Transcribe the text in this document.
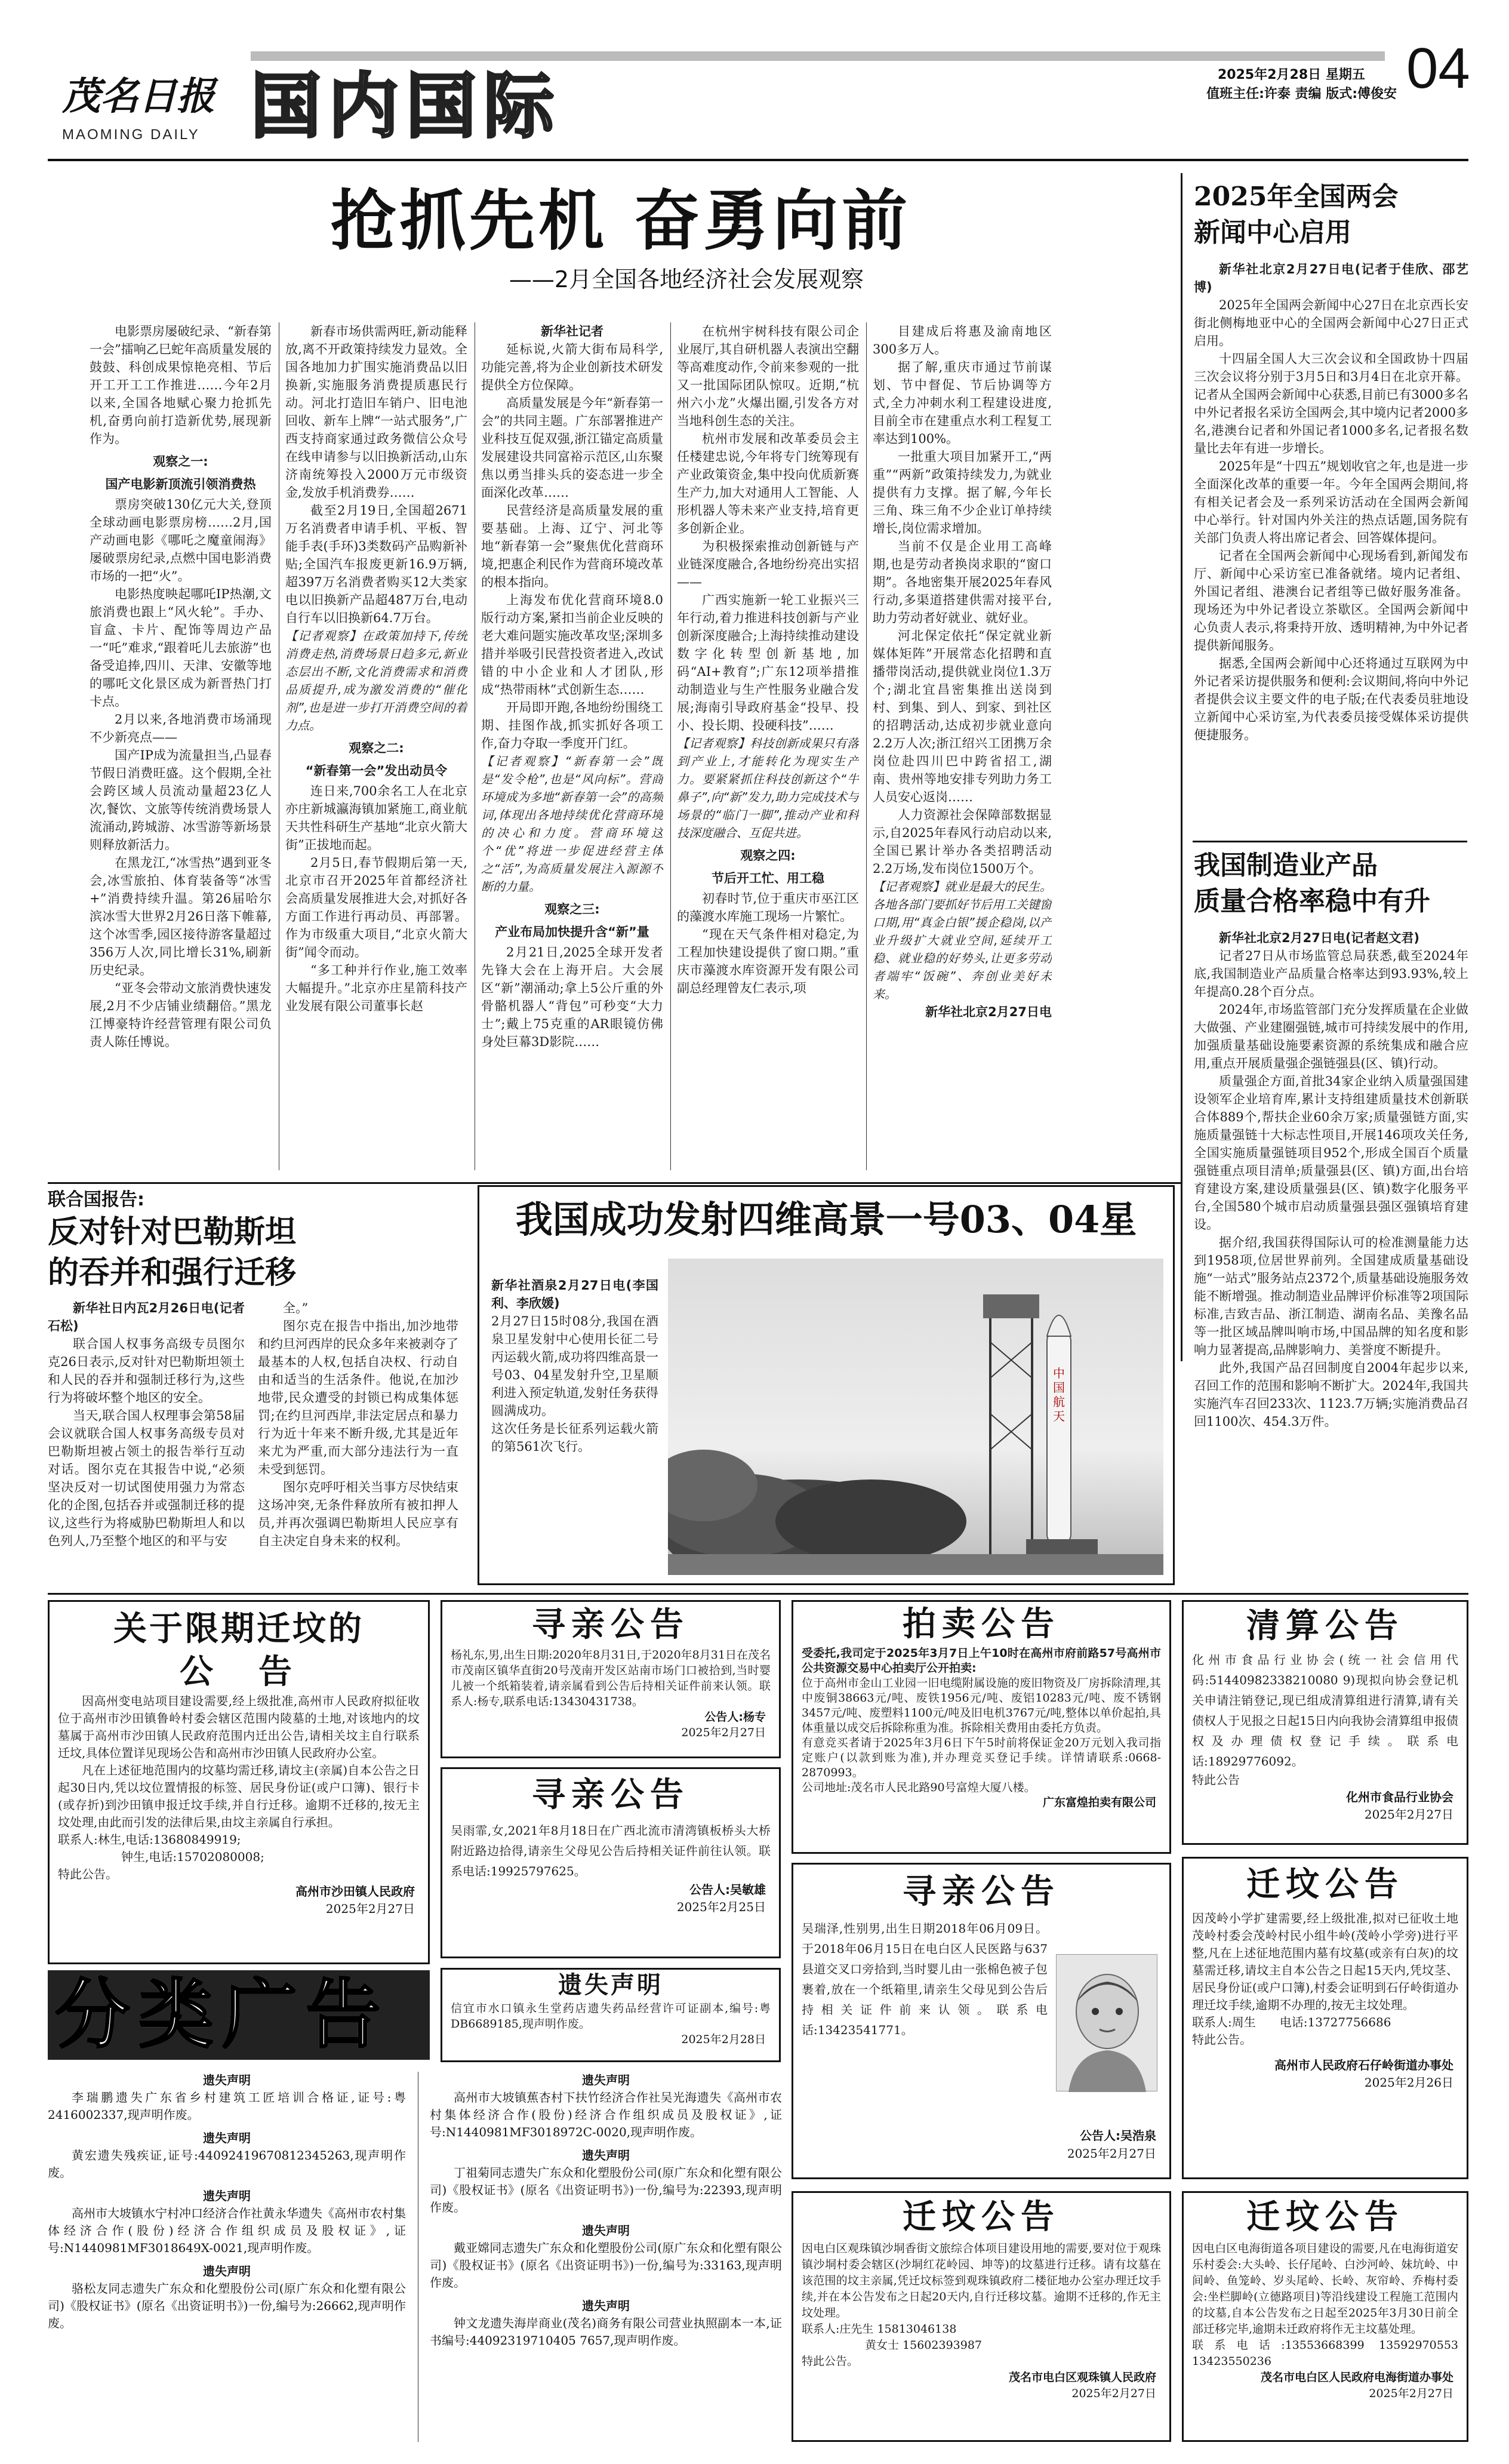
茂名日报
MAOMING DAILY 国内国际	2025年2月28日 星期五
值班主任:许泰 责编 版式:傅俊安 04
抢抓先机 奋勇向前
——2月全国各地经济社会发展观察

电影票房屡破纪录、“新春第一会”擂响乙巳蛇年高质量发展的鼓鼓、科创成果惊艳亮相、节后开工开工工作推进……今年2月以来,全国各地赋心聚力抢抓先机,奋勇向前打造新优势,展现新作为。

观察之一:

国产电影新顶流引领消费热

票房突破130亿元大关,登顶全球动画电影票房榜……2月,国产动画电影《哪吒之魔童闹海》屡破票房纪录,点燃中国电影消费市场的一把“火”。

电影热度映起哪吒IP热潮,文旅消费也跟上“风火轮”。手办、盲盒、卡片、配饰等周边产品一“吒”难求,“跟着吒儿去旅游”也备受追捧,四川、天津、安徽等地的哪吒文化景区成为新晋热门打卡点。

2月以来,各地消费市场涌现不少新亮点——

国产IP成为流量担当,凸显春节假日消费旺盛。这个假期,全社会跨区域人员流动量超23亿人次,餐饮、文旅等传统消费场景人流涌动,跨城游、冰雪游等新场景则释放新活力。

在黑龙江,“冰雪热”遇到亚冬会,冰雪旅拍、体育装备等“冰雪+”消费持续升温。第26届哈尔滨冰雪大世界2月26日落下帷幕,这个冰雪季,园区接待游客量超过356万人次,同比增长31%,刷新历史纪录。

“亚冬会带动文旅消费快速发展,2月不少店铺业绩翻倍。”黑龙江博豪特许经营管理有限公司负责人陈任博说。

新春市场供需两旺,新动能释放,离不开政策持续发力显效。全国各地加力扩围实施消费品以旧换新,实施服务消费提质惠民行动。河北打造旧车销户、旧电池回收、新车上牌“一站式服务”,广西支持商家通过政务微信公众号在线申请参与以旧换新活动,山东济南统筹投入2000万元市级资金,发放手机消费券……

截至2月19日,全国超2671万名消费者申请手机、平板、智能手表(手环)3类数码产品购新补贴;全国汽车报废更新16.9万辆,超397万名消费者购买12大类家电以旧换新产品超487万台,电动自行车以旧换新64.7万台。

【记者观察】在政策加持下,传统消费走热,消费场景日趋多元,新业态层出不断,文化消费需求和消费品质提升,成为激发消费的“催化剂”,也是进一步打开消费空间的着力点。

观察之二:

“新春第一会”发出动员令

连日来,700余名工人在北京亦庄新城瀛海镇加紧施工,商业航天共性科研生产基地“北京火箭大街”正拔地而起。

2月5日,春节假期后第一天,北京市召开2025年首都经济社会高质量发展推进大会,对抓好各方面工作进行再动员、再部署。作为市级重大项目,“北京火箭大街”闻令而动。

“多工种并行作业,施工效率大幅提升。”北京亦庄星箭科技产业发展有限公司董事长赵

新华社记者

延标说,火箭大街布局科学,功能完善,将为企业创新技术研发提供全方位保障。

高质量发展是今年“新春第一会”的共同主题。广东部署推进产业科技互促双强,浙江锚定高质量发展建设共同富裕示范区,山东聚焦以勇当排头兵的姿态进一步全面深化改革……

民营经济是高质量发展的重要基础。上海、辽宁、河北等地“新春第一会”聚焦优化营商环境,把惠企利民作为营商环境改革的根本指向。

上海发布优化营商环境8.0版行动方案,紧扣当前企业反映的老大难问题实施改革攻坚;深圳多措并举吸引民营投资者进入,改试错的中小企业和人才团队,形成“热带雨林”式创新生态……

开局即开跑,各地纷纷围绕工期、挂图作战,抓实抓好各项工作,奋力夺取一季度开门红。

【记者观察】“新春第一会”既是“发令枪”,也是“风向标”。营商环境成为多地“新春第一会”的高频词,体现出各地持续优化营商环境的决心和力度。营商环境这个“优”将进一步促进经营主体之“活”,为高质量发展注入源源不断的力量。

观察之三:

产业布局加快提升含“新”量

2月21日,2025全球开发者先锋大会在上海开启。大会展区“新”潮涌动;拿上5公斤重的外骨骼机器人“背包”可秒变“大力士”;戴上75克重的AR眼镜仿佛身处巨幕3D影院……

在杭州宇树科技有限公司企业展厅,其自研机器人表演出空翻等高难度动作,令前来参观的一批又一批国际团队惊叹。近期,“杭州六小龙”火爆出圈,引发各方对当地科创生态的关注。

杭州市发展和改革委员会主任楼建忠说,今年将专门统筹现有产业政策资金,集中投向优质新赛生产力,加大对通用人工智能、人形机器人等未来产业支持,培育更多创新企业。

为积极探索推动创新链与产业链深度融合,各地纷纷亮出实招——

广西实施新一轮工业振兴三年行动,着力推进科技创新与产业创新深度融合;上海持续推动建设数字化转型创新基地,加码“AI+教育”;广东12项举措推动制造业与生产性服务业融合发展;海南引导政府基金“投早、投小、投长期、投硬科技”……

【记者观察】科技创新成果只有落到产业上,才能转化为现实生产力。要紧紧抓住科技创新这个“牛鼻子”,向“新”发力,助力完成技术与场景的“临门一脚”,推动产业和科技深度融合、互促共进。

观察之四:

节后开工忙、用工稳

初春时节,位于重庆市巫江区的藻渡水库施工现场一片繁忙。

“现在天气条件相对稳定,为工程加快建设提供了窗口期。”重庆市藻渡水库资源开发有限公司副总经理曾友仁表示,项

目建成后将惠及渝南地区300多万人。

据了解,重庆市通过节前谋划、节中督促、节后协调等方式,全力冲刺水利工程建设进度,目前全市在建重点水利工程复工率达到100%。

一批重大项目加紧开工,“两重”“两新”政策持续发力,为就业提供有力支撑。据了解,今年长三角、珠三角不少企业订单持续增长,岗位需求增加。

当前不仅是企业用工高峰期,也是劳动者换岗求职的“窗口期”。各地密集开展2025年春风行动,多渠道搭建供需对接平台,助力劳动者好就业、就好业。

河北保定依托“保定就业新媒体矩阵”开展常态化招聘和直播带岗活动,提供就业岗位1.3万个;湖北宜昌密集推出送岗到村、到集、到人、到家、到社区的招聘活动,达成初步就业意向2.2万人次;浙江绍兴工团携万余岗位赴四川巴中跨省招工,湖南、贵州等地安排专列助力务工人员安心返岗……

人力资源社会保障部数据显示,自2025年春风行动启动以来,全国已累计举办各类招聘活动2.2万场,发布岗位1500万个。

【记者观察】就业是最大的民生。各地各部门要抓好节后用工关键窗口期,用“真金白银”援企稳岗,以产业升级扩大就业空间,延续开工稳、就业稳的好势头,让更多劳动者端牢“饭碗”、奔创业美好未来。

新华社北京2月27日电

2025年全国两会
新闻中心启用

新华社北京2月27日电(记者于佳欣、邵艺博)

2025年全国两会新闻中心27日在北京西长安街北侧梅地亚中心的全国两会新闻中心27日正式启用。

十四届全国人大三次会议和全国政协十四届三次会议将分别于3月5日和3月4日在北京开幕。记者从全国两会新闻中心获悉,目前已有3000多名中外记者报名采访全国两会,其中境内记者2000多名,港澳台记者和外国记者1000多名,记者报名数量比去年有进一步增长。

2025年是“十四五”规划收官之年,也是进一步全面深化改革的重要一年。今年全国两会期间,将有相关记者会及一系列采访活动在全国两会新闻中心举行。针对国内外关注的热点话题,国务院有关部门负责人将出席记者会、回答媒体提问。

记者在全国两会新闻中心现场看到,新闻发布厅、新闻中心采访室已准备就绪。境内记者组、外国记者组、港澳台记者组等已做好服务准备。现场还为中外记者设立茶歇区。全国两会新闻中心负责人表示,将秉持开放、透明精神,为中外记者提供新闻服务。

据悉,全国两会新闻中心还将通过互联网为中外记者采访提供服务和便利:会议期间,将向中外记者提供会议主要文件的电子版;在代表委员驻地设立新闻中心采访室,为代表委员接受媒体采访提供便捷服务。

我国制造业产品
质量合格率稳中有升

新华社北京2月27日电(记者赵文君)

记者27日从市场监管总局获悉,截至2024年底,我国制造业产品质量合格率达到93.93%,较上年提高0.28个百分点。

2024年,市场监管部门充分发挥质量在企业做大做强、产业建圈强链,城市可持续发展中的作用,加强质量基础设施要素资源的系统集成和融合应用,重点开展质量强企强链强县(区、镇)行动。

质量强企方面,首批34家企业纳入质量强国建设领军企业培育库,累计支持组建质量技术创新联合体889个,帮扶企业60余万家;质量强链方面,实施质量强链十大标志性项目,开展146项攻关任务,全国实施质量强链项目952个,形成全国百个质量强链重点项目清单;质量强县(区、镇)方面,出台培育建设方案,建设质量强县(区、镇)数字化服务平台,全国580个城市启动质量强县强区强镇培育建设。

据介绍,我国获得国际认可的检准测量能力达到1958项,位居世界前列。全国建成质量基础设施“一站式”服务站点2372个,质量基础设施服务效能不断增强。推动制造业品牌评价标准等2项国际标准,吉致吉品、浙江制造、湖南名品、美豫名品等一批区域品牌叫响市场,中国品牌的知名度和影响力显著提高,品牌影响力、美誉度不断提升。

此外,我国产品召回制度自2004年起步以来,召回工作的范围和影响不断扩大。2024年,我国共实施汽车召回233次、1123.7万辆;实施消费品召回1100次、454.3万件。

联合国报告:
反对针对巴勒斯坦
的吞并和强行迁移

新华社日内瓦2月26日电(记者石松)

联合国人权事务高级专员图尔克26日表示,反对针对巴勒斯坦领土和人民的吞并和强制迁移行为,这些行为将破坏整个地区的安全。

当天,联合国人权理事会第58届会议就联合国人权事务高级专员对巴勒斯坦被占领土的报告举行互动对话。图尔克在其报告中说,“必须坚决反对一切试图使用强力为常态化的企图,包括吞并或强制迁移的提议,这些行为将威胁巴勒斯坦人和以色列人,乃至整个地区的和平与安

全。”

图尔克在报告中指出,加沙地带和约旦河西岸的民众多年来被剥夺了最基本的人权,包括自决权、行动自由和适当的生活条件。他说,在加沙地带,民众遭受的封锁已构成集体惩罚;在约旦河西岸,非法定居点和暴力行为近十年来不断升级,尤其是近年来尤为严重,而大部分违法行为一直未受到惩罚。

图尔克呼吁相关当事方尽快结束这场冲突,无条件释放所有被扣押人员,并再次强调巴勒斯坦人民应享有自主决定自身未来的权利。

我国成功发射四维高景一号03、04星

新华社酒泉2月27日电(李国利、李欣媛)

2月27日15时08分,我国在酒泉卫星发射中心使用长征二号丙运载火箭,成功将四维高景一号03、04星发射升空,卫星顺利进入预定轨道,发射任务获得圆满成功。

这次任务是长征系列运载火箭的第561次飞行。

中国航天
关于限期迁坟的
公　告

因高州变电站项目建设需要,经上级批准,高州市人民政府拟征收位于高州市沙田镇鲁岭村委会辖区范围内陵墓的土地,对该地内的坟墓属于高州市沙田镇人民政府范围内迁出公告,请相关坟主自行联系迁坟,具体位置详见现场公告和高州市沙田镇人民政府办公室。

凡在上述征地范围内的坟墓均需迁移,请坟主(亲属)自本公告之日起30日内,凭以坟位置情报的标签、居民身份证(或户口簿)、银行卡(或存折)到沙田镇申报迁坟手续,并自行迁移。逾期不迁移的,按无主坟处理,由此而引发的法律后果,由坟主亲属自行承担。

联系人:林生,电话:13680849919;
钟生,电话:15702080008;
特此公告。
高州市沙田镇人民政府
2025年2月27日
寻亲公告
杨礼东,男,出生日期:2020年8月31日,于2020年8月31日在茂名市茂南区镇华直街20号茂南开发区站南市场门口被拾到,当时婴儿被一个纸箱装着,请亲属看到公告后持相关证件前来认领。联系人:杨专,联系电话:13430431738。
公告人:杨专
2025年2月27日
寻亲公告
吴雨霏,女,2021年8月18日在广西北流市清湾镇板桥头大桥附近路边拾得,请亲生父母见公告后持相关证件前往认领。联系电话:19925797625。
公告人:吴敏雄
2025年2月25日
拍卖公告
受委托,我司定于2025年3月7日上午10时在高州市府前路57号高州市公共资源交易中心拍卖厅公开拍卖:
位于高州市金山工业园一旧电缆附属设施的废旧物资及厂房拆除清理,其中废铜38663元/吨、废铁1956元/吨、废铝10283元/吨、废不锈钢3457元/吨、废塑料1100元/吨及旧电机3767元/吨,整体以单价起拍,具体重量以成交后拆除称重为准。拆除相关费用由委托方负责。
有意竞买者请于2025年3月6日下午5时前将保证金20万元划入我司指定账户(以款到账为准),并办理竞买登记手续。详情请联系:0668-2870993。
公司地址:茂名市人民北路90号富煌大厦八楼。
广东富煌拍卖有限公司
清算公告
化州市食品行业协会(统一社会信用代码:51440982338210080 9)现拟向协会登记机关申请注销登记,现已组成清算组进行清算,请有关债权人于见报之日起15日内向我协会清算组申报债权及办理债权登记手续。联系电话:18929776092。
特此公告
化州市食品行业协会
2025年2月27日
寻亲公告
吴瑞泽,性别男,出生日期2018年06月09日。于2018年06月15日在电白区人民医路与637县道交叉口旁拾到,当时婴儿由一张棉色被子包裹着,放在一个纸箱里,请亲生父母见到公告后持相关证件前来认领。联系电话:13423541771。
公告人:吴浩泉
2025年2月27日
迁坟公告
因茂岭小学扩建需要,经上级批准,拟对已征收土地茂岭村委会茂岭村民小组牛岭(茂岭小学旁)进行平整,凡在上述征地范围内墓有坟墓(或亲有白灰)的坟墓需迁移,请坟主自本公告之日起15天内,凭坟茎、居民身份证(或户口簿),村委会证明到石仔岭街道办理迁坟手续,逾期不办理的,按无主坟处理。
联系人:周生　　电话:13727756686
特此公告。
高州市人民政府石仔岭街道办事处
2025年2月26日
分类广告	遗失声明
信宜市水口镇永生堂药店遗失药品经营许可证副本,编号:粤DB6689185,现声明作废。
2025年2月28日
遗失声明
李瑞鹏遗失广东省乡村建筑工匠培训合格证,证号:粤2416002337,现声明作废。
遗失声明
黄宏遗失残疾证,证号:44092419670812345263,现声明作废。
遗失声明
高州市大坡镇水宁村冲口经济合作社黄永华遗失《高州市农村集体经济合作(股份)经济合作组织成员及股权证》,证号:N1440981MF3018649X-0021,现声明作废。
遗失声明
骆松友同志遗失广东众和化塑股份公司(原广东众和化塑有限公司)《股权证书》(原名《出资证明书》)一份,编号为:26662,现声明作废。
遗失声明
高州市大坡镇蕉杏村下扶竹经济合作社吴光海遗失《高州市农村集体经济合作(股份)经济合作组织成员及股权证》,证号:N1440981MF3018972C-0020,现声明作废。
遗失声明
丁祖菊同志遗失广东众和化塑股份公司(原广东众和化塑有限公司)《股权证书》(原名《出资证明书》)一份,编号为:22393,现声明作废。
遗失声明
戴亚嫦同志遗失广东众和化塑股份公司(原广东众和化塑有限公司)《股权证书》(原名《出资证明书》)一份,编号为:33163,现声明作废。
遗失声明
钟文龙遗失海岸商业(茂名)商务有限公司营业执照副本一本,证书编号:44092319710405 7657,现声明作废。
迁坟公告
因电白区观珠镇沙垌香街文旅综合体项目建设用地的需要,要对位于观珠镇沙垌村委会辖区(沙垌红花岭园、坤等)的坟墓进行迁移。请有坟墓在该范围的坟主亲属,凭迁坟标签到观珠镇政府二楼征地办公室办理迁坟手续,并在本公告发布之日起20天内,自行迁移坟墓。逾期不迁移的,作无主坟处理。
联系人:庄先生 15813046138
黄女士 15602393987
特此公告。
茂名市电白区观珠镇人民政府
2025年2月27日
迁坟公告
因电白区电海街道各项目建设的需要,凡在电海街道安乐村委会:大头岭、长仔尾岭、白沙河岭、妹坑岭、中间岭、鱼笼岭、岁头尾岭、长岭、灰帘岭、乔梅村委会:坐栏脚岭(立德路项目)等沿线建设工程施工范围内的坟墓,自本公告发布之日起至2025年3月30日前全部迁移完毕,逾期未迁政府将作无主坟墓处理。
联系电话:13553668399 13592970553 13423550236
茂名市电白区人民政府电海街道办事处
2025年2月27日
